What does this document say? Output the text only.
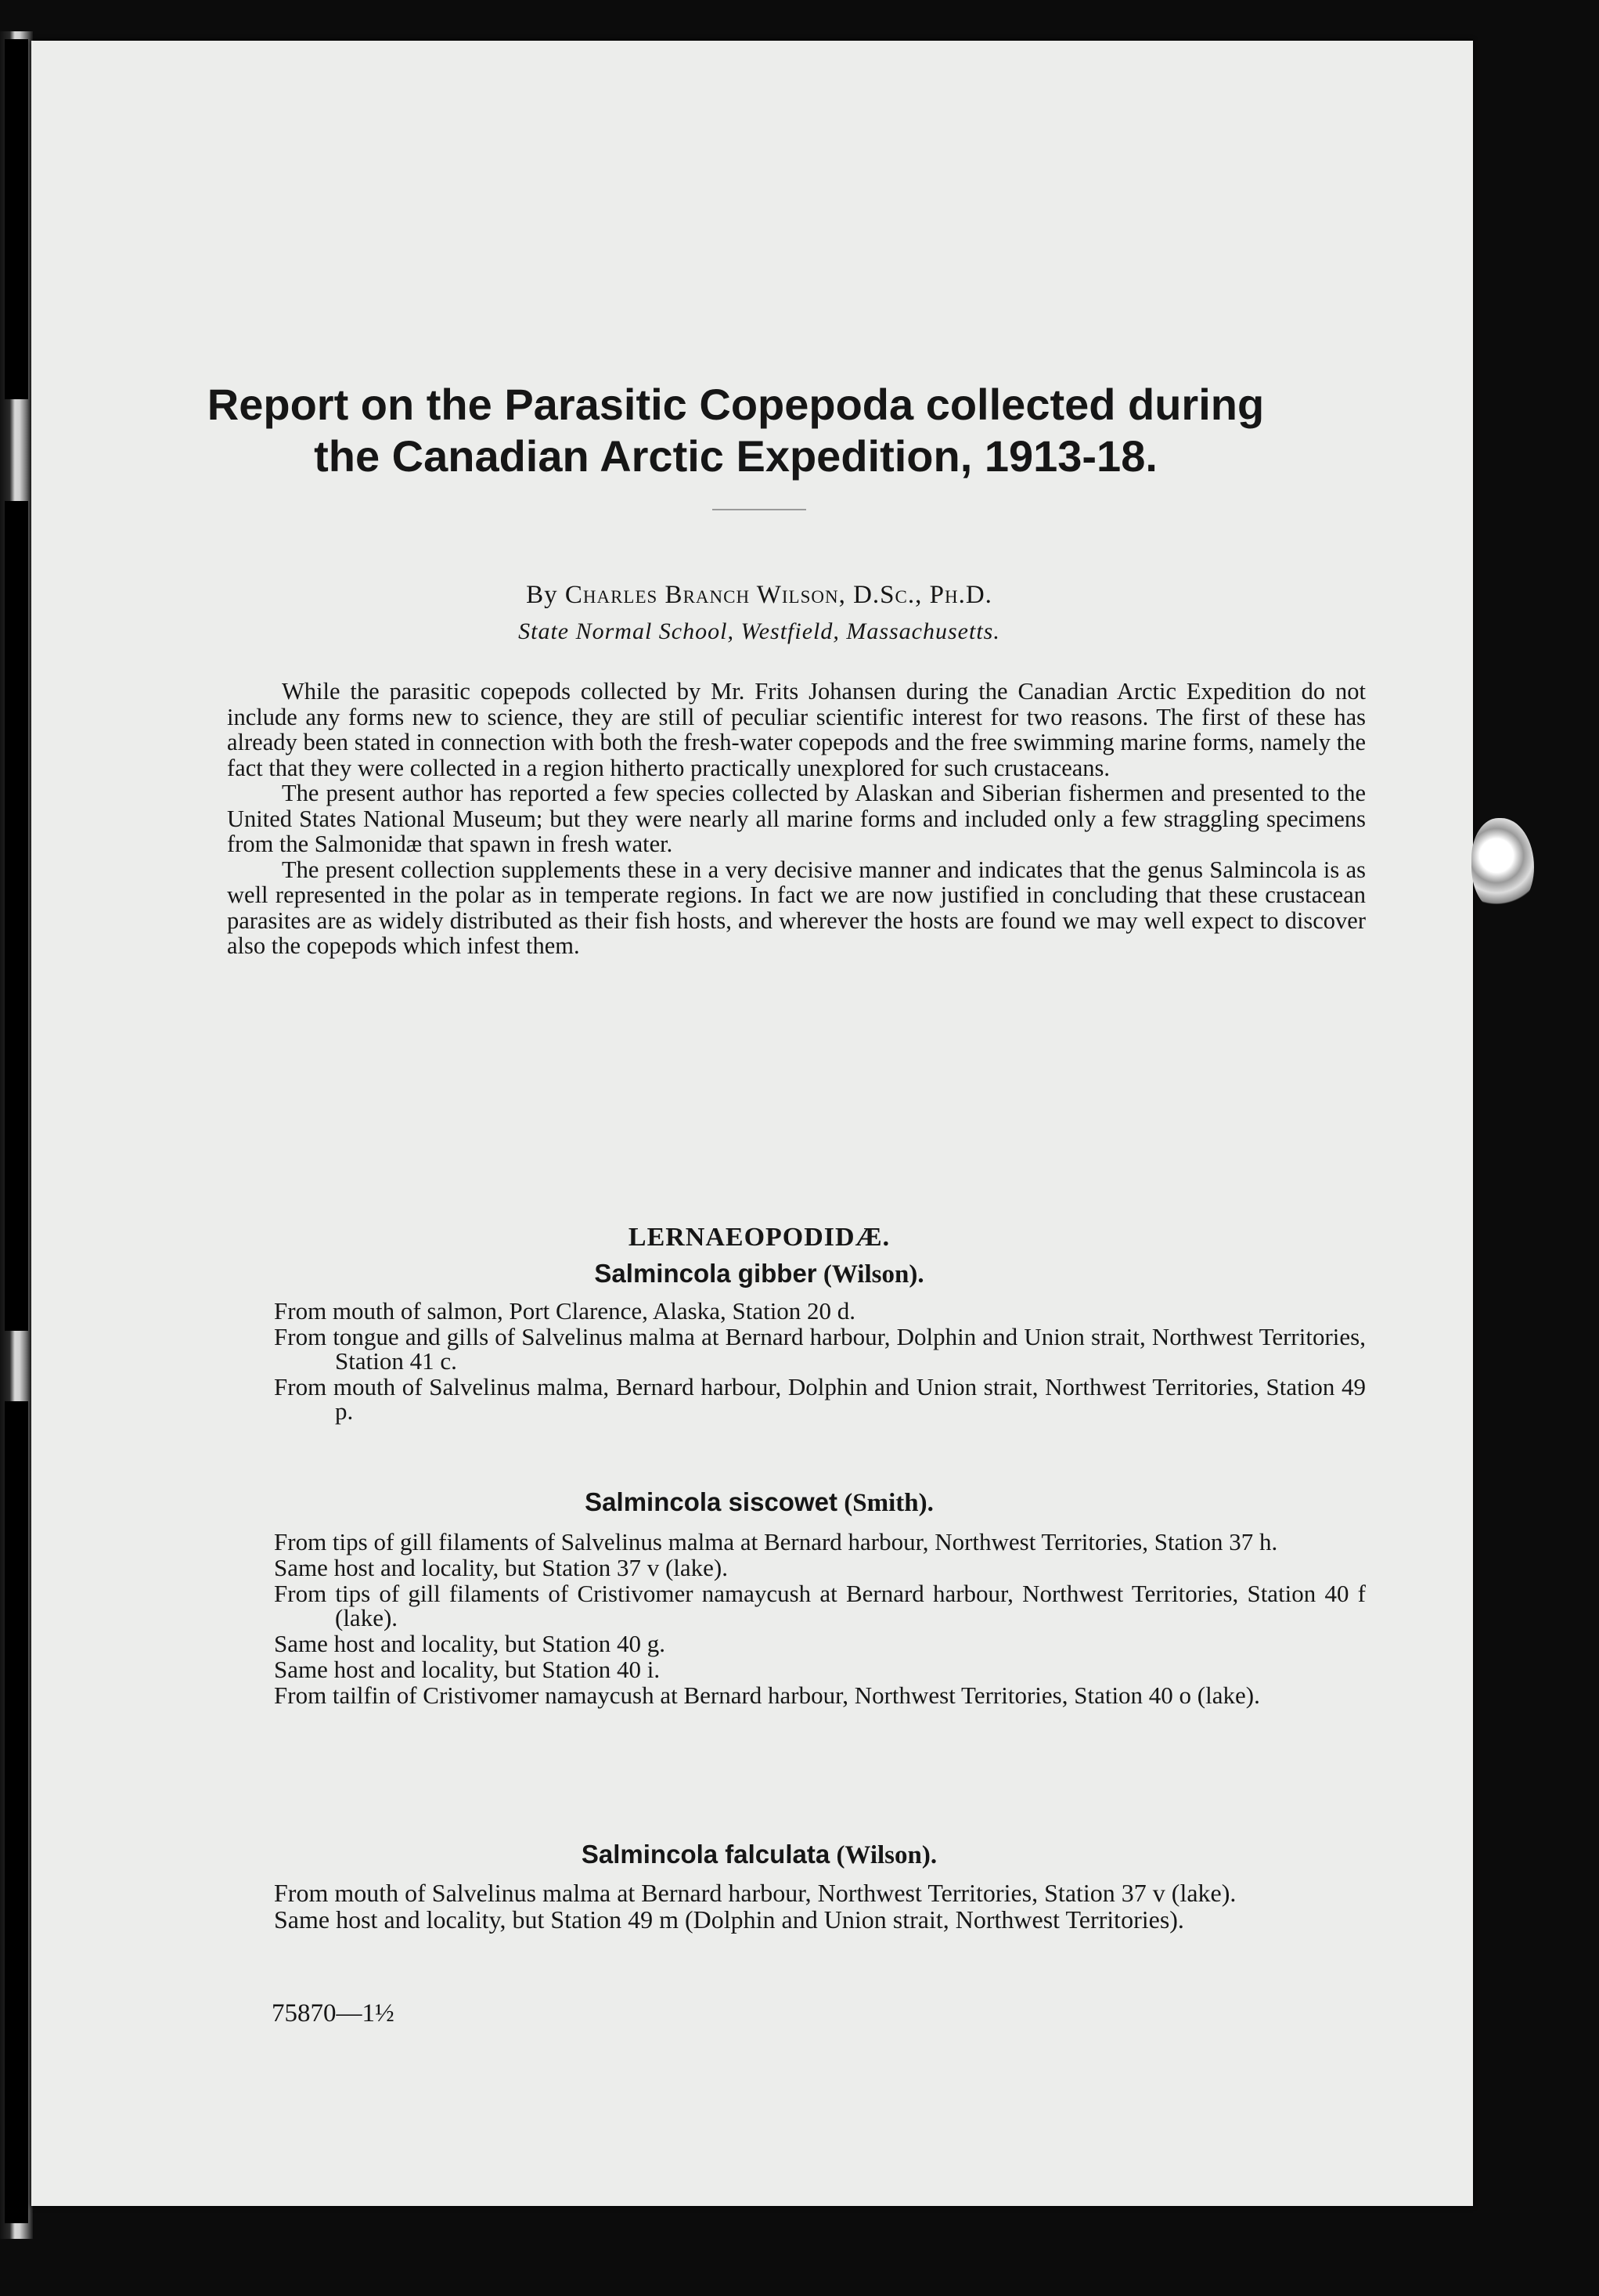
Report on the Parasitic Copepoda collected during
the Canadian Arctic Expedition, 1913-18.

By Charles Branch Wilson, D.Sc., Ph.D.

State Normal School, Westfield, Massachusetts.

While the parasitic copepods collected by Mr. Frits Johansen during the Canadian Arctic Expedition do not include any forms new to science, they are still of peculiar scientific interest for two reasons. The first of these has already been stated in connection with both the fresh-water copepods and the free swimming marine forms, namely the fact that they were collected in a region hitherto practically unexplored for such crustaceans.

The present author has reported a few species collected by Alaskan and Siberian fishermen and presented to the United States National Museum; but they were nearly all marine forms and included only a few straggling specimens from the Salmonidæ that spawn in fresh water.

The present collection supplements these in a very decisive manner and indicates that the genus Salmincola is as well represented in the polar as in temperate regions. In fact we are now justified in concluding that these crustacean parasites are as widely distributed as their fish hosts, and wherever the hosts are found we may well expect to discover also the copepods which infest them.

LERNAEOPODIDÆ.
Salmincola gibber (Wilson).
From mouth of salmon, Port Clarence, Alaska, Station 20 d.
From tongue and gills of Salvelinus malma at Bernard harbour, Dolphin and Union strait, Northwest Territories, Station 41 c.
From mouth of Salvelinus malma, Bernard harbour, Dolphin and Union strait, Northwest Territories, Station 49 p.
Salmincola siscowet (Smith).
From tips of gill filaments of Salvelinus malma at Bernard harbour, Northwest Territories, Station 37 h.
Same host and locality, but Station 37 v (lake).
From tips of gill filaments of Cristivomer namaycush at Bernard harbour, Northwest Territories, Station 40 f (lake).
Same host and locality, but Station 40 g.
Same host and locality, but Station 40 i.
From tailfin of Cristivomer namaycush at Bernard harbour, Northwest Territories, Station 40 o (lake).
Salmincola falculata (Wilson).
From mouth of Salvelinus malma at Bernard harbour, Northwest Territories, Station 37 v (lake).
Same host and locality, but Station 49 m (Dolphin and Union strait, Northwest Territories).

75870—1½
